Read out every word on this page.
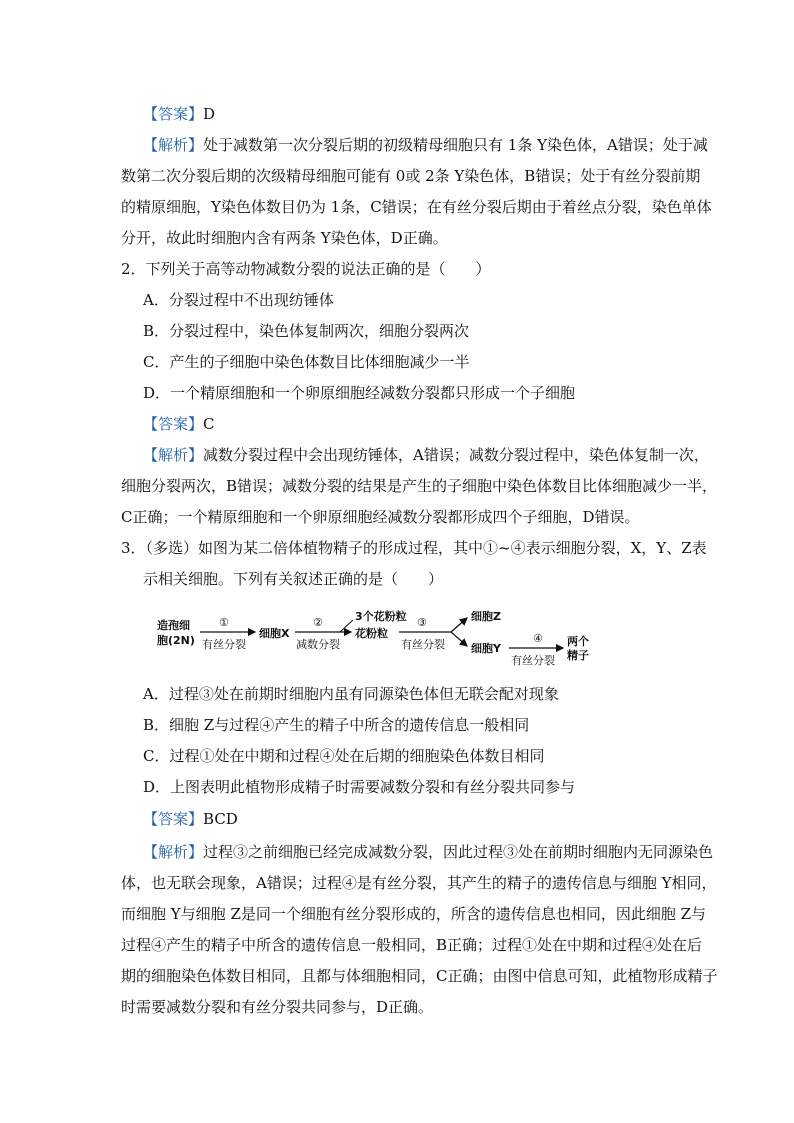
【答案】D
【解析】处于减数第一次分裂后期的初级精母细胞只有 1条 Y染色体，A错误；处于减
数第二次分裂后期的次级精母细胞可能有 0或 2条 Y染色体，B错误；处于有丝分裂前期
的精原细胞，Y染色体数目仍为 1条，C错误；在有丝分裂后期由于着丝点分裂，染色单体
分开，故此时细胞内含有两条 Y染色体，D正确。
2．下列关于高等动物减数分裂的说法正确的是（　　）
A．分裂过程中不出现纺锤体
B．分裂过程中，染色体复制两次，细胞分裂两次
C．产生的子细胞中染色体数目比体细胞减少一半
D．一个精原细胞和一个卵原细胞经减数分裂都只形成一个子细胞
【答案】C
【解析】减数分裂过程中会出现纺锤体，A错误；减数分裂过程中，染色体复制一次，
细胞分裂两次，B错误；减数分裂的结果是产生的子细胞中染色体数目比体细胞减少一半，
C正确；一个精原细胞和一个卵原细胞经减数分裂都形成四个子细胞，D错误。
3．（多选）如图为某二倍体植物精子的形成过程，其中①~④表示细胞分裂，X，Y、Z表
示相关细胞。下列有关叙述正确的是（　　）
造孢细
胞(2N)
①
有丝分裂
细胞X
②
减数分裂
3个花粉粒
花粉粒
③
有丝分裂
细胞Z
细胞Y
④
有丝分裂
两个
精子
A．过程③处在前期时细胞内虽有同源染色体但无联会配对现象
B．细胞 Z与过程④产生的精子中所含的遗传信息一般相同
C．过程①处在中期和过程④处在后期的细胞染色体数目相同
D．上图表明此植物形成精子时需要减数分裂和有丝分裂共同参与
【答案】BCD
【解析】过程③之前细胞已经完成减数分裂，因此过程③处在前期时细胞内无同源染色
体，也无联会现象，A错误；过程④是有丝分裂，其产生的精子的遗传信息与细胞 Y相同，
而细胞 Y与细胞 Z是同一个细胞有丝分裂形成的，所含的遗传信息也相同，因此细胞 Z与
过程④产生的精子中所含的遗传信息一般相同，B正确；过程①处在中期和过程④处在后
期的细胞染色体数目相同，且都与体细胞相同，C正确；由图中信息可知，此植物形成精子
时需要减数分裂和有丝分裂共同参与，D正确。
